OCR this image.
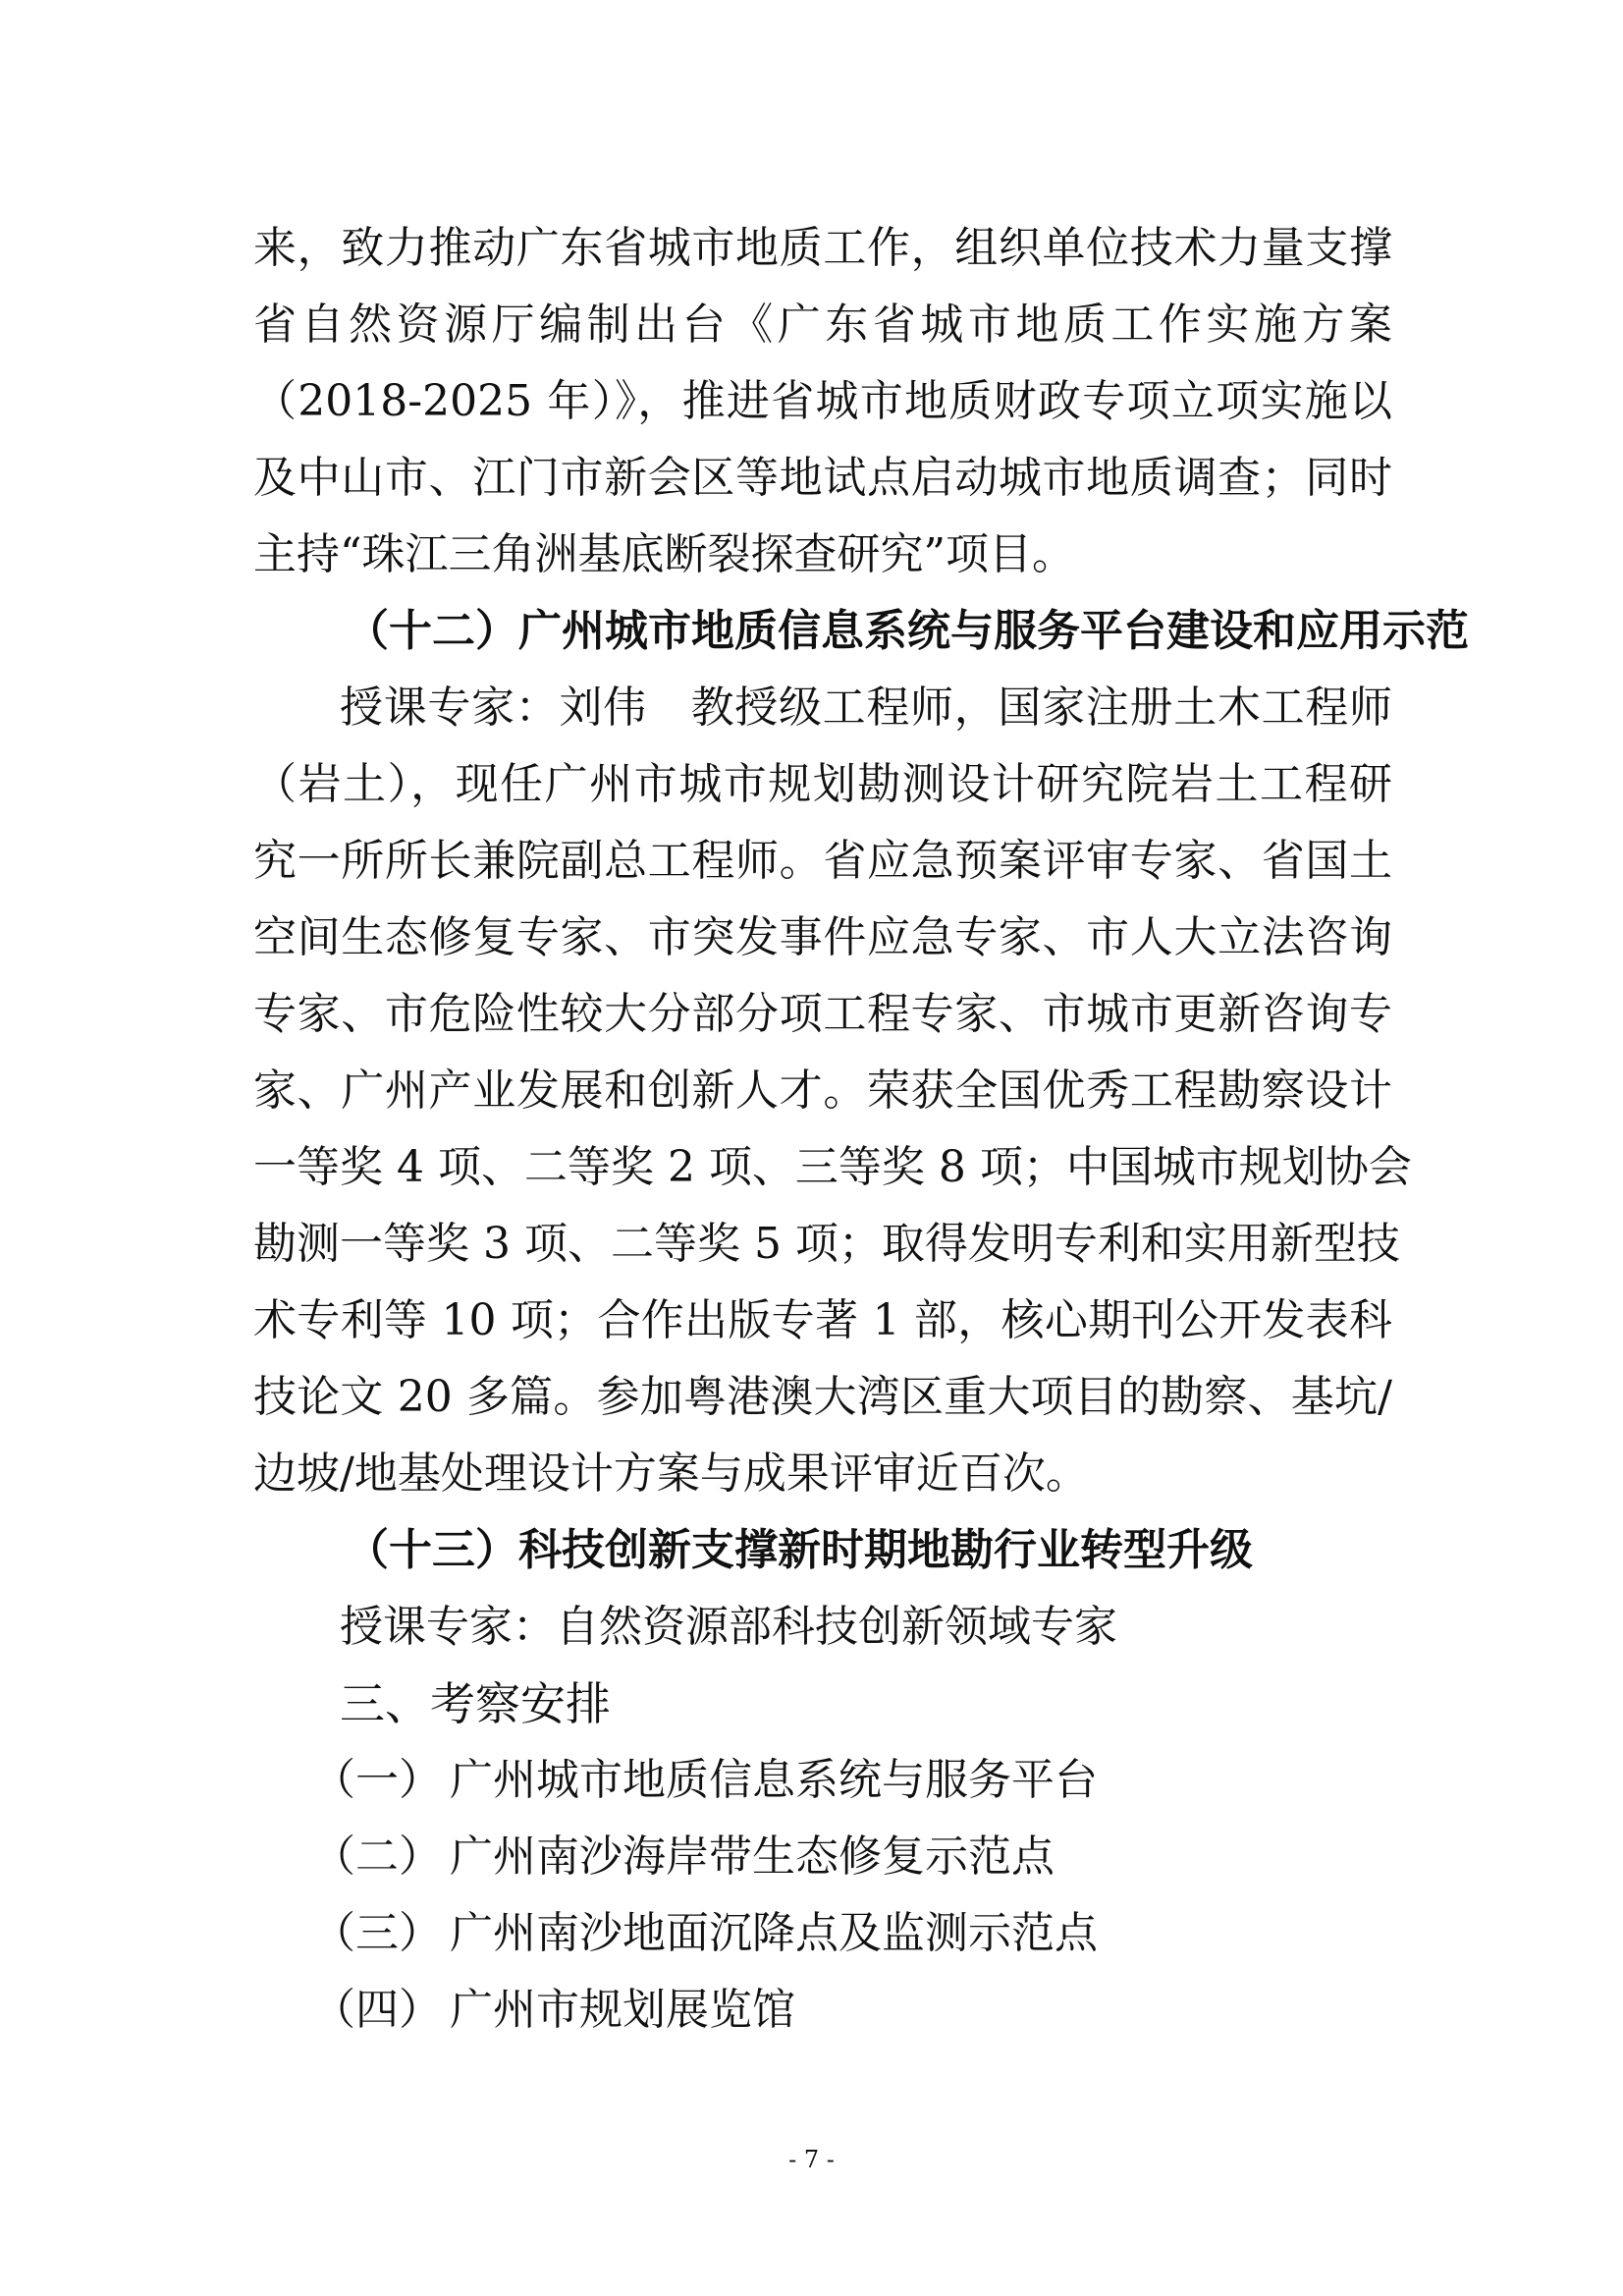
来，致力推动广东省城市地质工作，组织单位技术力量支撑
省自然资源厅编制出台《广东省城市地质工作实施方案
（2018-2025 年）》，推进省城市地质财政专项立项实施以
及中山市、江门市新会区等地试点启动城市地质调查；同时
主持“珠江三角洲基底断裂探查研究”项目。
（十二）广州城市地质信息系统与服务平台建设和应用示范
授课专家：刘伟　教授级工程师，国家注册土木工程师
（岩土），现任广州市城市规划勘测设计研究院岩土工程研
究一所所长兼院副总工程师。省应急预案评审专家、省国土
空间生态修复专家、市突发事件应急专家、市人大立法咨询
专家、市危险性较大分部分项工程专家、市城市更新咨询专
家、广州产业发展和创新人才。荣获全国优秀工程勘察设计
一等奖 4 项、二等奖 2 项、三等奖 8 项；中国城市规划协会
勘测一等奖 3 项、二等奖 5 项；取得发明专利和实用新型技
术专利等 10 项；合作出版专著 1 部，核心期刊公开发表科
技论文 20 多篇。参加粤港澳大湾区重大项目的勘察、基坑/
边坡/地基处理设计方案与成果评审近百次。
（十三）科技创新支撑新时期地勘行业转型升级
授课专家：自然资源部科技创新领域专家
三、考察安排
（一） 广州城市地质信息系统与服务平台
（二） 广州南沙海岸带生态修复示范点
（三） 广州南沙地面沉降点及监测示范点
（四） 广州市规划展览馆
- 7 -
